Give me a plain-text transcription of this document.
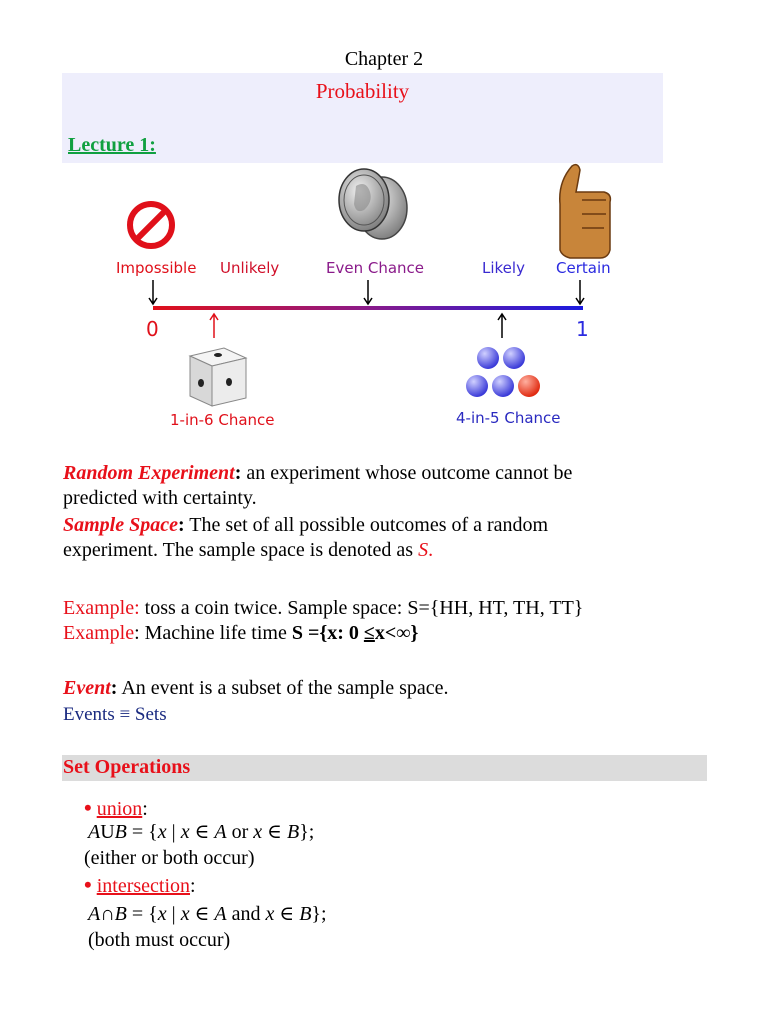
Chapter 2
Probability
Lecture 1:
Impossible Unlikely	Even Chance	Likely Certain
0	1
1-in-6 Chance	4-in-5 Chance
Random Experiment: an experiment whose outcome cannot be
predicted with certainty.
Sample Space: The set of all possible outcomes of a random
experiment. The sample space is denoted as S.
Example: toss a coin twice. Sample space: S={HH, HT, TH, TT}
Example: Machine life time S ={x: 0 ≤x<∞}
Event: An event is a subset of the sample space.
Events ≡ Sets
Set Operations
• union:
AUB = {x | x ∈ A or x ∈ B};
(either or both occur)
• intersection:
A∩B = {x | x ∈ A and x ∈ B};
(both must occur)
